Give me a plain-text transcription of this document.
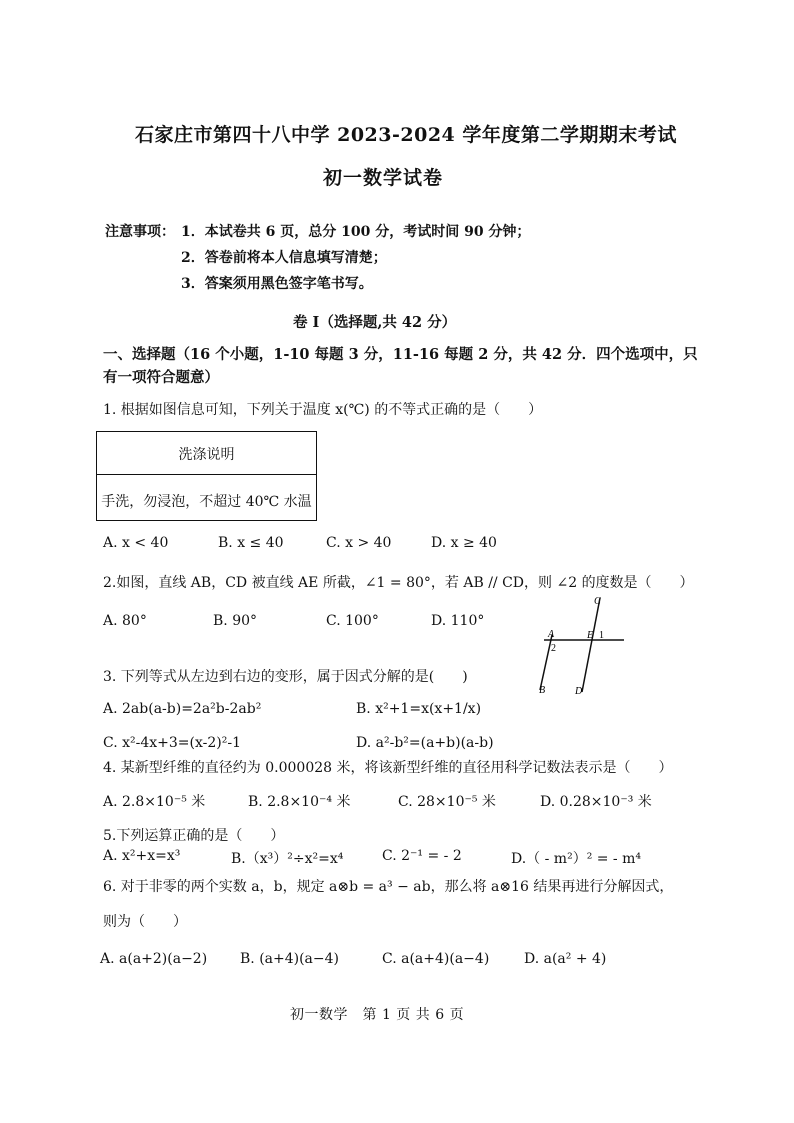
石家庄市第四十八中学 2023-2024 学年度第二学期期末考试
初一数学试卷
注意事项： 1．本试卷共 6 页，总分 100 分，考试时间 90 分钟；
2．答卷前将本人信息填写清楚；
3．答案须用黑色签字笔书写。
卷 Ⅰ（选择题,共 42 分）
一、选择题（16 个小题，1-10 每题 3 分，11-16 每题 2 分，共 42 分．四个选项中，只
有一项符合题意）
1. 根据如图信息可知，下列关于温度 x(℃) 的不等式正确的是（　　）
洗涤说明
手洗，勿浸泡，不超过 40℃ 水温
A. x < 40	B. x ≤ 40	C. x > 40	D. x ≥ 40
2.如图，直线 AB，CD 被直线 AE 所截，∠1 = 80°，若 AB // CD，则 ∠2 的度数是（　　）
A. 80°	B. 90°	C. 100°	D. 110°
C
A	E 1
2
B	D
3. 下列等式从左边到右边的变形，属于因式分解的是(　　)
A. 2ab(a-b)=2a²b-2ab²	B. x²+1=x(x+1/x)
C. x²-4x+3=(x-2)²-1	D. a²-b²=(a+b)(a-b)
4. 某新型纤维的直径约为 0.000028 米，将该新型纤维的直径用科学记数法表示是（　　）
A. 2.8×10⁻⁵ 米	B. 2.8×10⁻⁴ 米	C. 28×10⁻⁵ 米	D. 0.28×10⁻³ 米
5.下列运算正确的是（　　）
A. x²+x=x³	B.（x³）²÷x²=x⁴	C. 2⁻¹ = - 2	D.（ - m²）² = - m⁴
6. 对于非零的两个实数 a，b，规定 a⊗b = a³ − ab，那么将 a⊗16 结果再进行分解因式，
则为（　　）
A. a(a+2)(a−2) B. (a+4)(a−4)	C. a(a+4)(a−4) D. a(a² + 4)
初一数学　第 1 页 共 6 页
